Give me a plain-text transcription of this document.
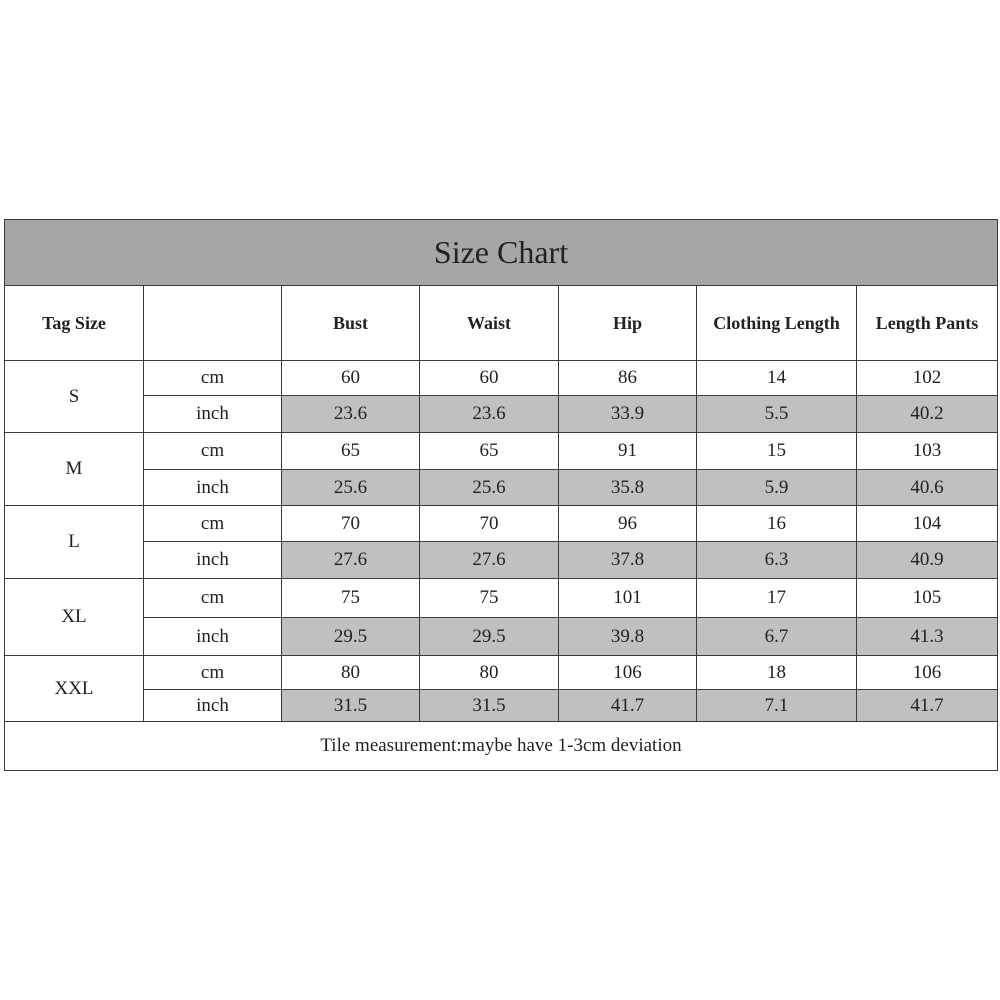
Size Chart						
Tag Size		Bust	Waist	Hip	Clothing Length	Length Pants
S	cm	60	60	86	14	102
	inch	23.6	23.6	33.9	5.5	40.2
M	cm	65	65	91	15	103
	inch	25.6	25.6	35.8	5.9	40.6
L	cm	70	70	96	16	104
	inch	27.6	27.6	37.8	6.3	40.9
XL	cm	75	75	101	17	105
	inch	29.5	29.5	39.8	6.7	41.3
XXL	cm	80	80	106	18	106
	inch	31.5	31.5	41.7	7.1	41.7
Tile measurement:maybe have 1-3cm deviation						
